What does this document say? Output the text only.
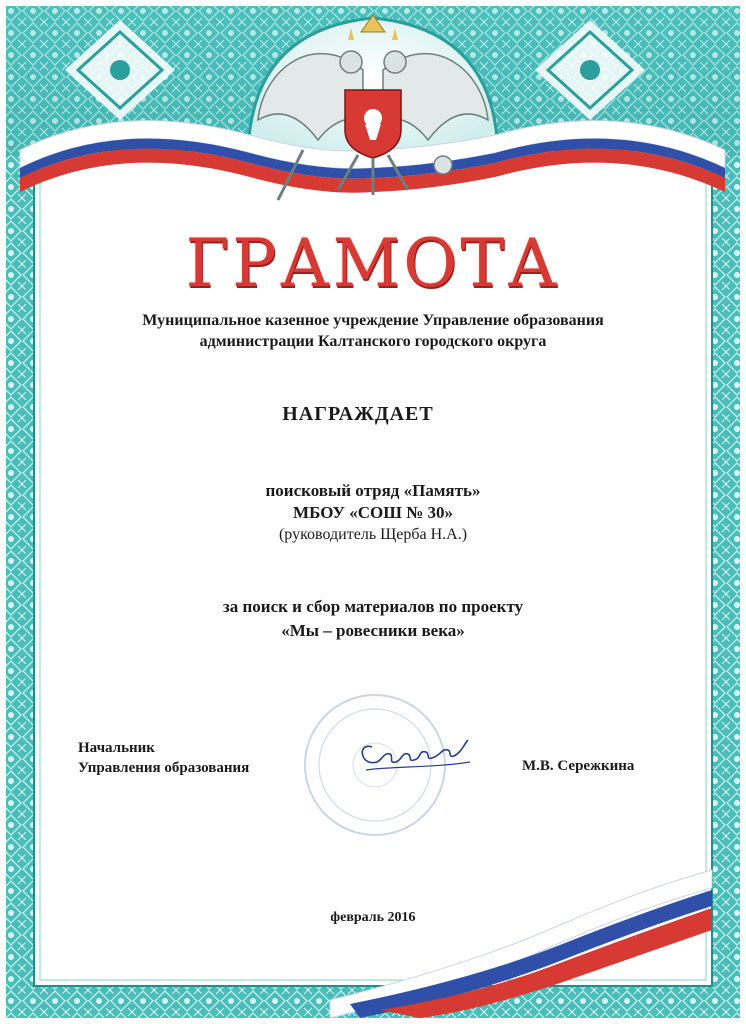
ГРАМОТА
Муниципальное казенное учреждение Управление образования
администрации Калтанского городского округа
НАГРАЖДАЕТ
поисковый отряд «Память»
МБОУ «СОШ № 30»
(руководитель Щерба Н.А.)
за поиск и сбор материалов по проекту
«Мы – ровесники века»
Начальник
Управления образования	М.В. Сережкина
февраль 2016
